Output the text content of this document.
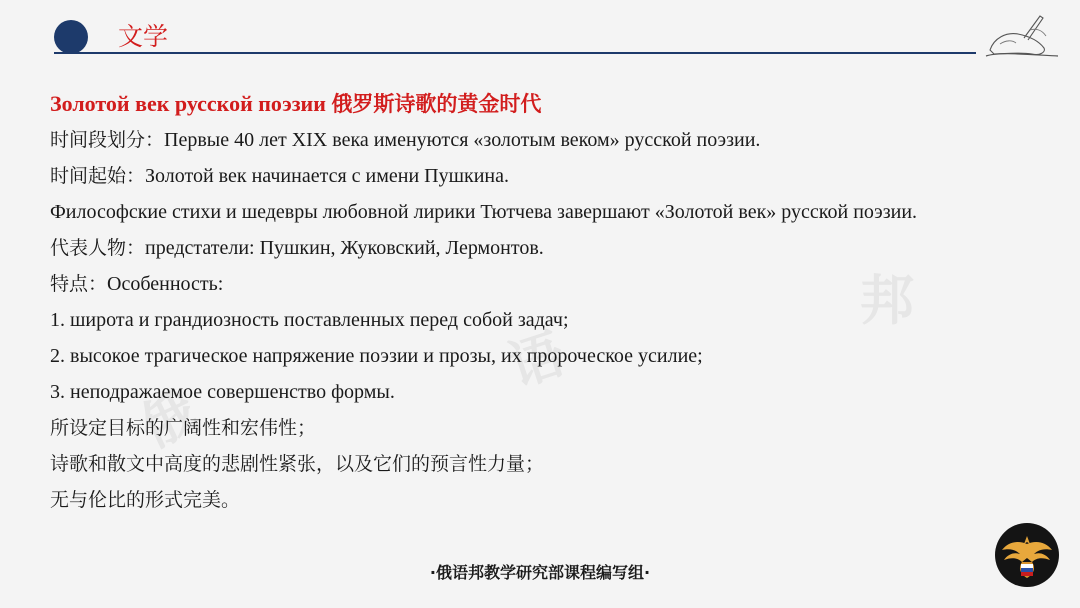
文学
邦
语
俄
Золотой век русской поэзии 俄罗斯诗歌的黄金时代
时间段划分：Первые 40 лет XIX века именуются «золотым веком» русской поэзии.
时间起始：Золотой век начинается с имени Пушкина.
Философские стихи и шедевры любовной лирики Тютчева завершают «Золотой век» русской поэзии.
代表人物：предстатели: Пушкин, Жуковский, Лермонтов.
特点：Особенность:
1. широта и грандиозность поставленных перед собой задач;
2. высокое трагическое напряжение поэзии и прозы, их пророческое усилие;
3. неподражаемое совершенство формы.
所设定目标的广阔性和宏伟性；
诗歌和散文中高度的悲剧性紧张，以及它们的预言性力量；
无与伦比的形式完美。
·俄语邦教学研究部课程编写组·
